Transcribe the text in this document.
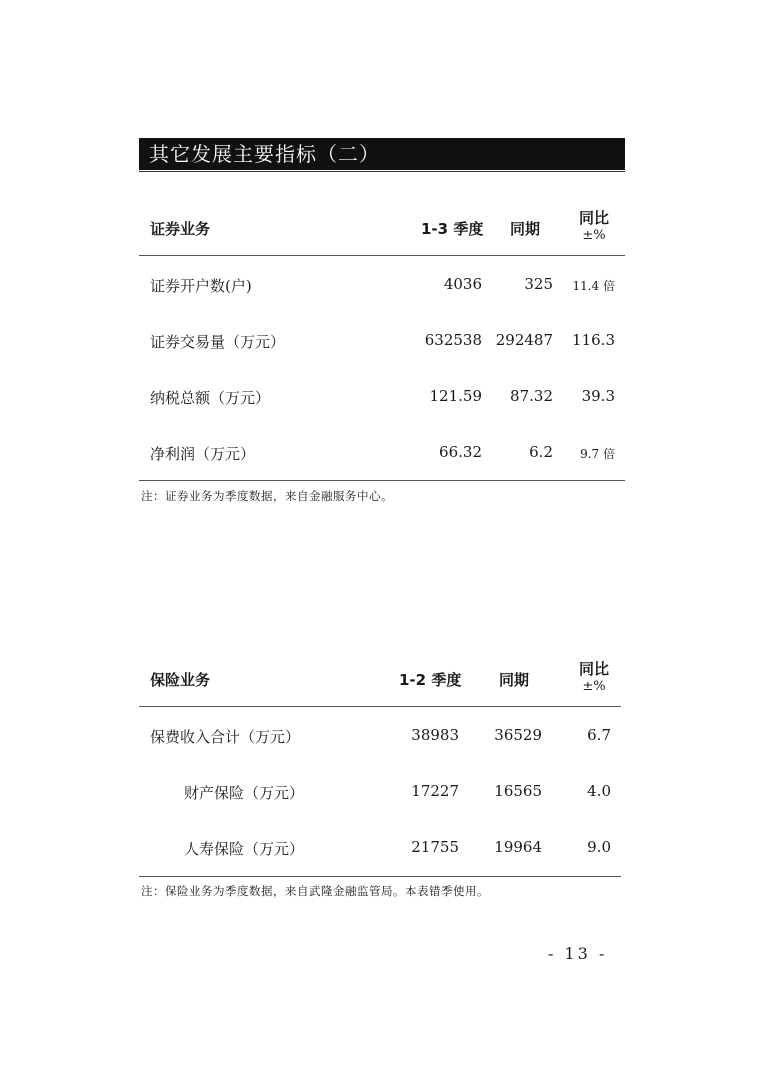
其它发展主要指标（二）
证券业务	1-3 季度 同期
同比
±%
证券开户数(户)	4036	325 11.4 倍
证券交易量（万元）	632538 292487 116.3
纳税总额（万元）	121.59 87.32 39.3
净利润（万元）	66.32	6.2 9.7 倍
注：证券业务为季度数据，来自金融服务中心。
保险业务	1-2 季度	同期
同比
±%
保费收入合计（万元）	38983 36529	6.7
财产保险（万元）	17227 16565	4.0
人寿保险（万元）	21755 19964	9.0
注：保险业务为季度数据，来自武隆金融监管局。本表错季使用。
- 13 -
